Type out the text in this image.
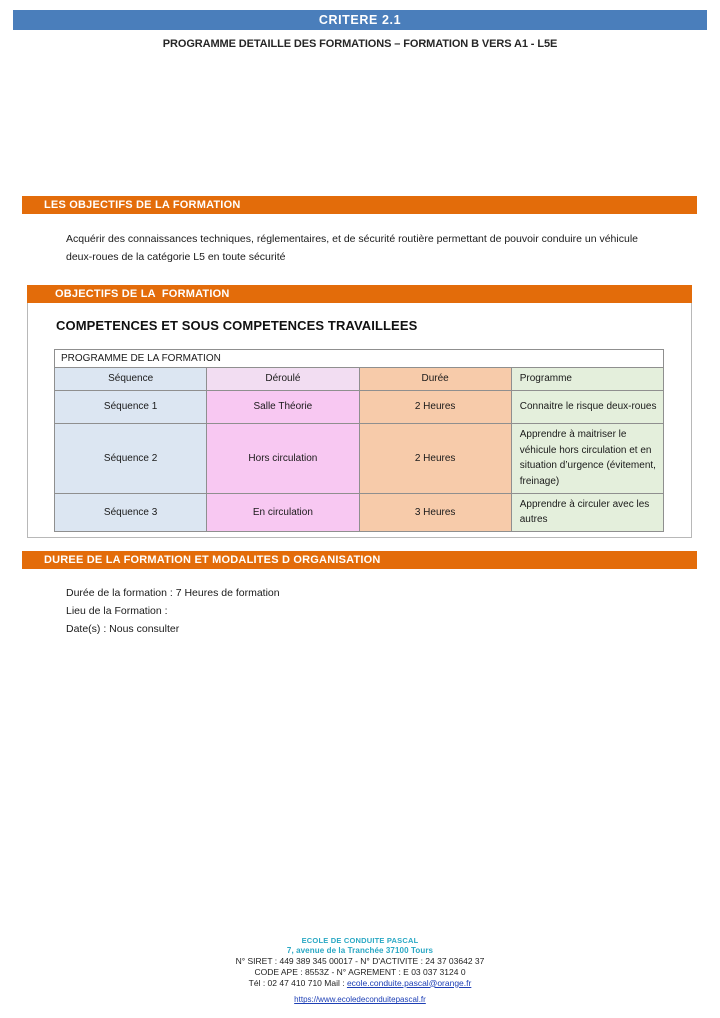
CRITERE 2.1
PROGRAMME DETAILLE DES FORMATIONS – FORMATION B VERS A1 - L5E
LES OBJECTIFS DE LA FORMATION
Acquérir des connaissances techniques, réglementaires, et de sécurité routière permettant de pouvoir conduire un véhicule deux-roues de la catégorie L5 en toute sécurité
COMPETENCES ET SOUS COMPETENCES TRAVAILLEES
PROGRAMME DE LA FORMATION			

Séquence	Déroulé	Durée	Programme

Séquence 1	Salle Théorie	2 Heures	Connaitre le risque deux-roues

Séquence 2	Hors circulation	2 Heures	Apprendre à maitriser le véhicule hors circulation et en situation d’urgence (évitement, freinage)

Séquence 3	En circulation	3 Heures	Apprendre à circuler avec les autres
OBJECTIFS DE LA  FORMATION
DUREE DE LA FORMATION ET MODALITES D ORGANISATION
Durée de la formation : 7 Heures de formation
Lieu de la Formation :
Date(s) : Nous consulter
ECOLE DE CONDUITE PASCAL
7, avenue de la Tranchée 37100 Tours
N° SIRET : 449 389 345 00017 - N° D'ACTIVITE : 24 37 03642 37
CODE APE : 8553Z - N° AGREMENT : E 03 037 3124 0
Tél : 02 47 410 710 Mail : ecole.conduite.pascal@orange.fr
https://www.ecoledeconduitepascal.fr
